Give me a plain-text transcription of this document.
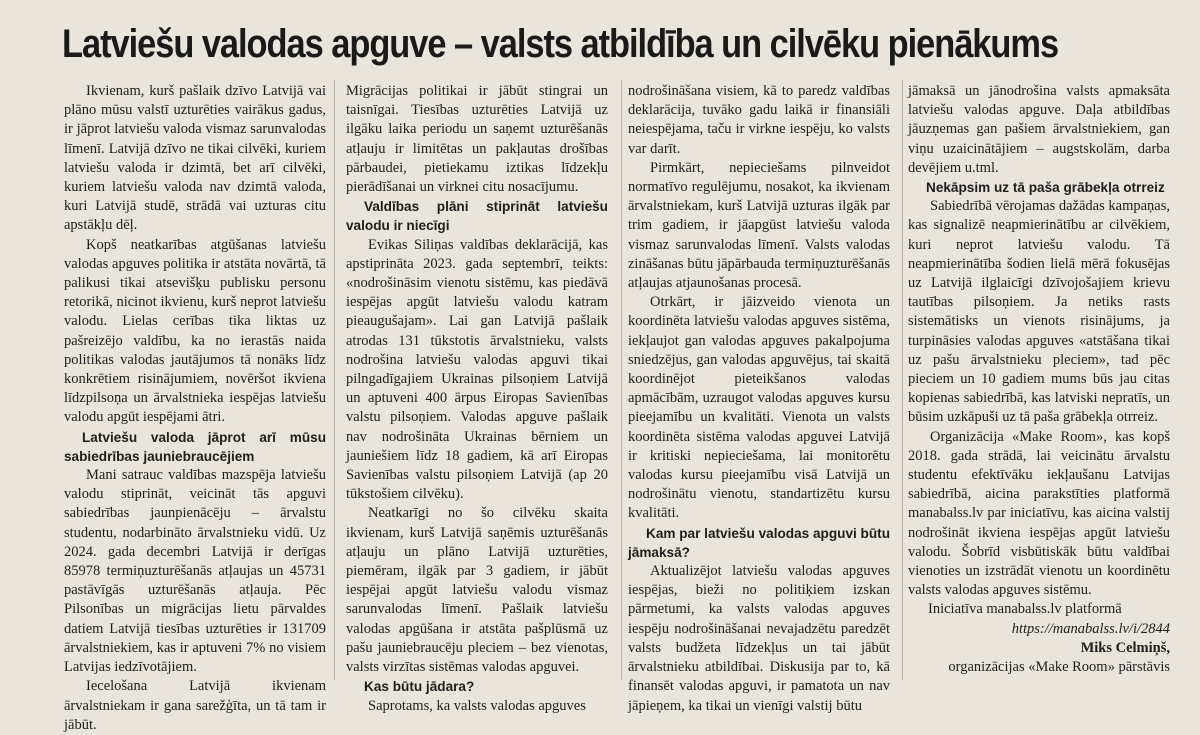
Latviešu valodas apguve – valsts atbildība un cilvēku pienākums

Ikvienam, kurš pašlaik dzīvo Latvijā vai plāno mūsu valstī uzturēties vairākus gadus, ir jāprot latviešu valoda vismaz sarunvalodas līmenī. Latvijā dzīvo ne tikai cilvēki, kuriem latviešu valoda ir dzimtā, bet arī cilvēki, kuriem latviešu valoda nav dzimtā valoda, kuri Latvijā studē, strādā vai uzturas citu apstākļu dēļ.

Kopš neatkarības atgūšanas latviešu valodas apguves politika ir atstāta novārtā, tā palikusi tikai atsevišķu publisku personu retorikā, nicinot ikvienu, kurš neprot latviešu valodu. Lielas cerības tika liktas uz pašreizējo valdību, ka no ierastās naida politikas valodas jautājumos tā nonāks līdz konkrētiem risinājumiem, novēršot ikviena līdzpilsoņa un ārvalstnieka iespējas latviešu valodu apgūt iespējami ātri.

Latviešu valoda jāprot arī mūsu sabiedrības jauniebraucējiem

Mani satrauc valdības mazspēja latviešu valodu stiprināt, veicināt tās apguvi sabiedrības jaunpienācēju – ārvalstu studentu, nodarbināto ārvalstnieku vidū. Uz 2024. gada decembri Latvijā ir derīgas 85978 termiņuzturēšanās atļaujas un 45731 pastāvīgās uzturēšanās atļauja. Pēc Pilsonības un migrācijas lietu pārvaldes datiem Latvijā tiesības uzturēties ir 131709 ārvalstniekiem, kas ir aptuveni 7% no visiem Latvijas iedzīvotājiem.

Iecelošana Latvijā ikvienam ārvalstniekam ir gana sarežģīta, un tā tam ir jābūt.

Migrācijas politikai ir jābūt stingrai un taisnīgai. Tiesības uzturēties Latvijā uz ilgāku laika periodu un saņemt uzturēšanās atļauju ir limitētas un pakļautas drošības pārbaudei, pietiekamu iztikas līdzekļu pierādīšanai un virknei citu nosacījumu.

Valdības plāni stiprināt latviešu valodu ir niecīgi

Evikas Siliņas valdības deklarācijā, kas apstiprināta 2023. gada septembrī, teikts: «nodrošināsim vienotu sistēmu, kas piedāvā iespējas apgūt latviešu valodu katram pieaugušajam». Lai gan Latvijā pašlaik atrodas 131 tūkstotis ārvalstnieku, valsts nodrošina latviešu valodas apguvi tikai pilngadīgajiem Ukrainas pilsoņiem Latvijā un aptuveni 400 ārpus Eiropas Savienības valstu pilsoņiem. Valodas apguve pašlaik nav nodrošināta Ukrainas bērniem un jauniešiem līdz 18 gadiem, kā arī Eiropas Savienības valstu pilsoņiem Latvijā (ap 20 tūkstošiem cilvēku).

Neatkarīgi no šo cilvēku skaita ikvienam, kurš Latvijā saņēmis uzturēšanās atļauju un plāno Latvijā uzturēties, piemēram, ilgāk par 3 gadiem, ir jābūt iespējai apgūt latviešu valodu vismaz sarunvalodas līmenī. Pašlaik latviešu valodas apgūšana ir atstāta pašplūsmā uz pašu jauniebraucēju pleciem – bez vienotas, valsts virzītas sistēmas valodas apguvei.

Kas būtu jādara?

Saprotams, ka valsts valodas apguves

nodrošināšana visiem, kā to paredz valdības deklarācija, tuvāko gadu laikā ir finansiāli neiespējama, taču ir virkne iespēju, ko valsts var darīt.

Pirmkārt, nepieciešams pilnveidot normatīvo regulējumu, nosakot, ka ikvienam ārvalstniekam, kurš Latvijā uzturas ilgāk par trim gadiem, ir jāapgūst latviešu valoda vismaz sarunvalodas līmenī. Valsts valodas zināšanas būtu jāpārbauda termiņuzturēšanās atļaujas atjaunošanas procesā.

Otrkārt, ir jāizveido vienota un koordinēta latviešu valodas apguves sistēma, iekļaujot gan valodas apguves pakalpojuma sniedzējus, gan valodas apguvējus, tai skaitā koordinējot pieteikšanos valodas apmācībām, uzraugot valodas apguves kursu pieejamību un kvalitāti. Vienota un valsts koordinēta sistēma valodas apguvei Latvijā ir kritiski nepieciešama, lai monitorētu valodas kursu pieejamību visā Latvijā un nodrošinātu vienotu, standartizētu kursu kvalitāti.

Kam par latviešu valodas apguvi būtu jāmaksā?

Aktualizējot latviešu valodas apguves iespējas, bieži no politiķiem izskan pārmetumi, ka valsts valodas apguves iespēju nodrošināšanai nevajadzētu paredzēt valsts budžeta līdzekļus un tai jābūt ārvalstnieku atbildībai. Diskusija par to, kā finansēt valodas apguvi, ir pamatota un nav jāpieņem, ka tikai un vienīgi valstij būtu

jāmaksā un jānodrošina valsts apmaksāta latviešu valodas apguve. Daļa atbildības jāuzņemas gan pašiem ārvalstniekiem, gan viņu uzaicinātājiem – augstskolām, darba devējiem u.tml.

Nekāpsim uz tā paša grābekļa otrreiz

Sabiedrībā vērojamas dažādas kampaņas, kas signalizē neapmierinātību ar cilvēkiem, kuri neprot latviešu valodu. Tā neapmierinātība šodien lielā mērā fokusējas uz Latvijā ilglaicīgi dzīvojošajiem krievu tautības pilsoņiem. Ja netiks rasts sistemātisks un vienots risinājums, ja turpināsies valodas apguves «atstāšana tikai uz pašu ārvalstnieku pleciem», tad pēc pieciem un 10 gadiem mums būs jau citas kopienas sabiedrībā, kas latviski nepratīs, un būsim uzkāpuši uz tā paša grābekļa otrreiz.

Organizācija «Make Room», kas kopš 2018. gada strādā, lai veicinātu ārvalstu studentu efektīvāku iekļaušanu Latvijas sabiedrībā, aicina parakstīties platformā manabalss.lv par iniciatīvu, kas aicina valstij nodrošināt ikviena iespējas apgūt latviešu valodu. Šobrīd visbūtiskāk būtu valdībai vienoties un izstrādāt vienotu un koordinētu valsts valodas apguves sistēmu.

Iniciatīva manabalss.lv platformā

https://manabalss.lv/i/2844

Miks Celmiņš,

organizācijas «Make Room» pārstāvis
